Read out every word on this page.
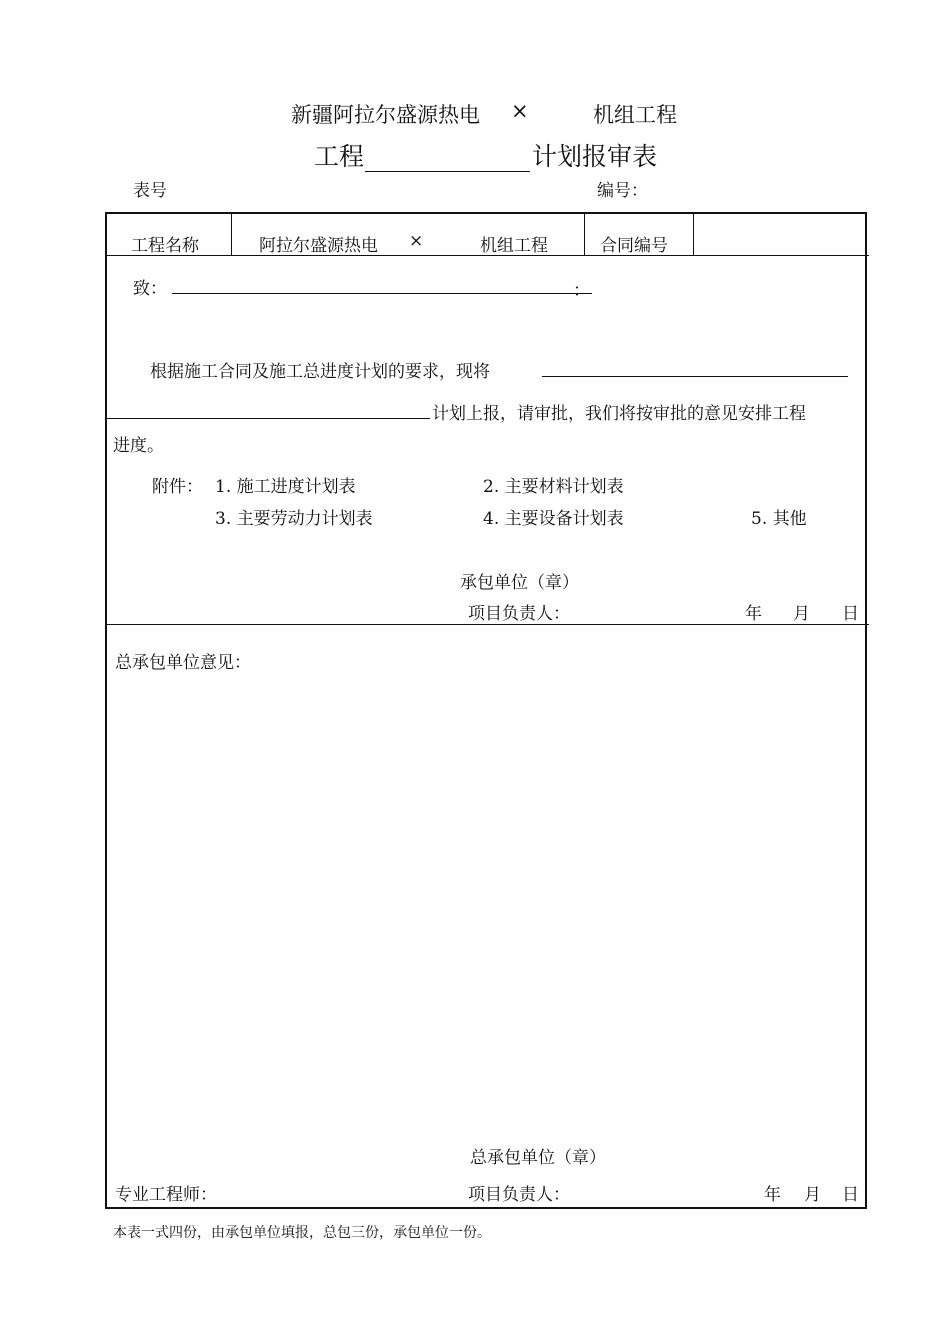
新疆阿拉尔盛源热电 ×	机组工程
工程	计划报审表
表号	编号：
工程名称	阿拉尔盛源热电 ×	机组工程	合同编号
致：	：
根据施工合同及施工总进度计划的要求，现将
计划上报，请审批，我们将按审批的意见安排工程
进度。
附件： 1. 施工进度计划表	2. 主要材料计划表
3. 主要劳动力计划表	4. 主要设备计划表	5. 其他
承包单位（章）
项目负责人：	年 月 日
总承包单位意见：
总承包单位（章）
专业工程师：	项目负责人：	年 月 日
本表一式四份，由承包单位填报，总包三份，承包单位一份。
